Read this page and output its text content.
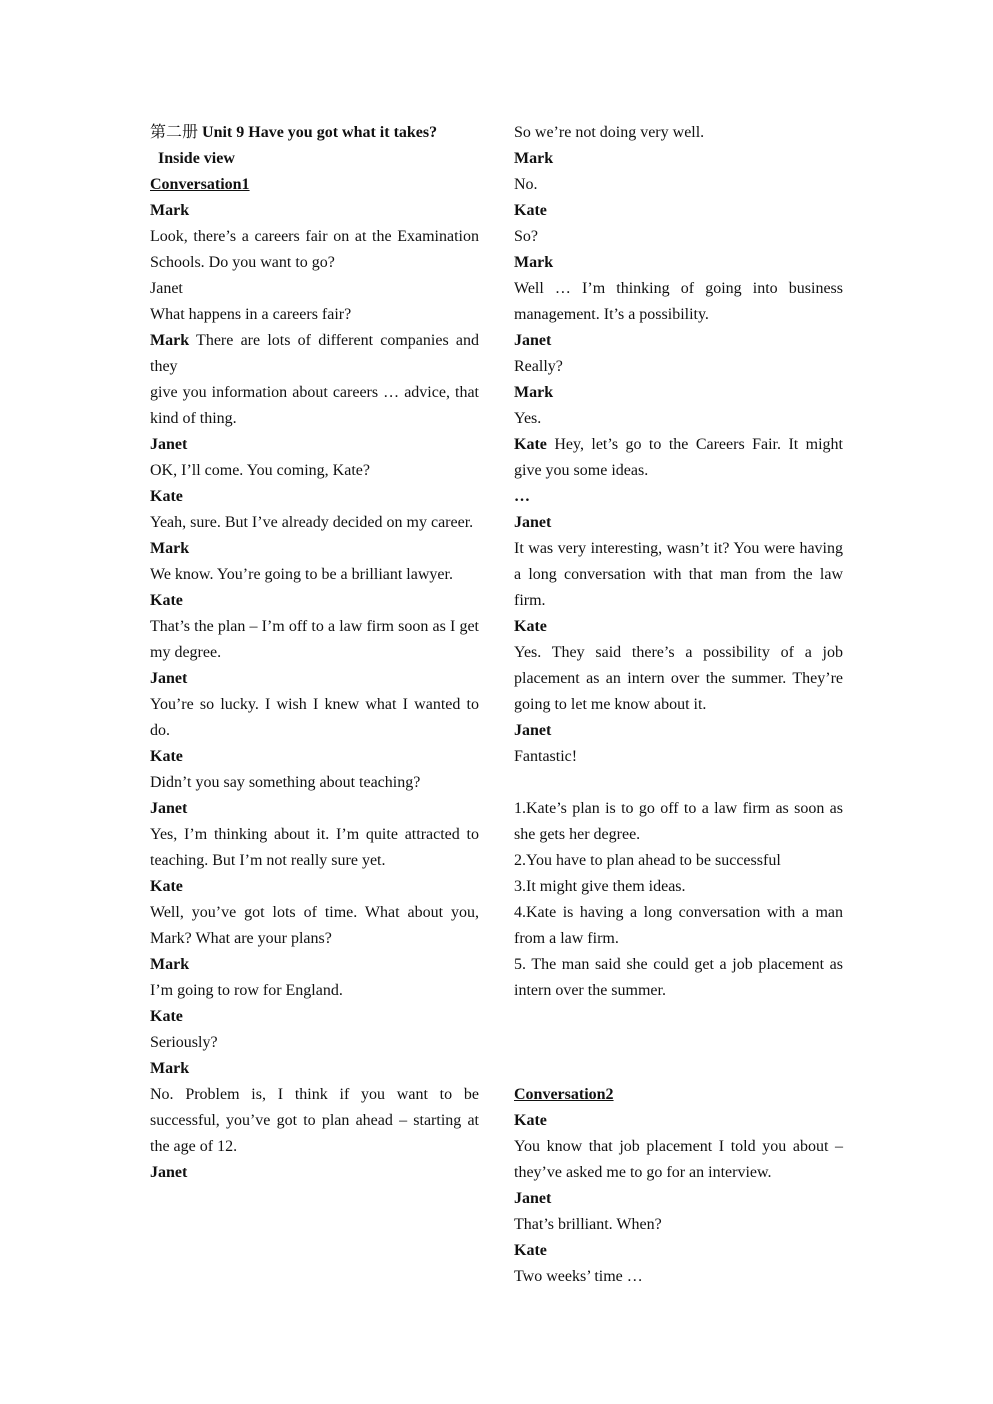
第二册 Unit 9 Have you got what it takes?

Inside view

Conversation1

Mark

Look, there’s a careers fair on at the Examination Schools. Do you want to go?

Janet

What happens in a careers fair?

Mark There are lots of different companies and they

give you information about careers … advice, that kind of thing.

Janet

OK, I’ll come. You coming, Kate?

Kate

Yeah, sure. But I’ve already decided on my career.

Mark

We know. You’re going to be a brilliant lawyer.

Kate

That’s the plan – I’m off to a law firm soon as I get my degree.

Janet

You’re so lucky. I wish I knew what I wanted to do.

Kate

Didn’t you say something about teaching?

Janet

Yes, I’m thinking about it. I’m quite attracted to teaching. But I’m not really sure yet.

Kate

Well, you’ve got lots of time. What about you, Mark? What are your plans?

Mark

I’m going to row for England.

Kate

Seriously?

Mark

No. Problem is, I think if you want to be successful, you’ve got to plan ahead – starting at the age of 12.

Janet

So we’re not doing very well.

Mark

No.

Kate

So?

Mark

Well … I’m thinking of going into business management. It’s a possibility.

Janet

Really?

Mark

Yes.

Kate Hey, let’s go to the Careers Fair. It might give you some ideas.

…

Janet

It was very interesting, wasn’t it? You were having a long conversation with that man from the law firm.

Kate

Yes. They said there’s a possibility of a job placement as an intern over the summer. They’re going to let me know about it.

Janet

Fantastic!

1.Kate’s plan is to go off to a law firm as soon as she gets her degree.

2.You have to plan ahead to be successful

3.It might give them ideas.

4.Kate is having a long conversation with a man from a law firm.

5. The man said she could get a job placement as intern over the summer.

Conversation2

Kate

You know that job placement I told you about – they’ve asked me to go for an interview.

Janet

That’s brilliant. When?

Kate

Two weeks’ time …
